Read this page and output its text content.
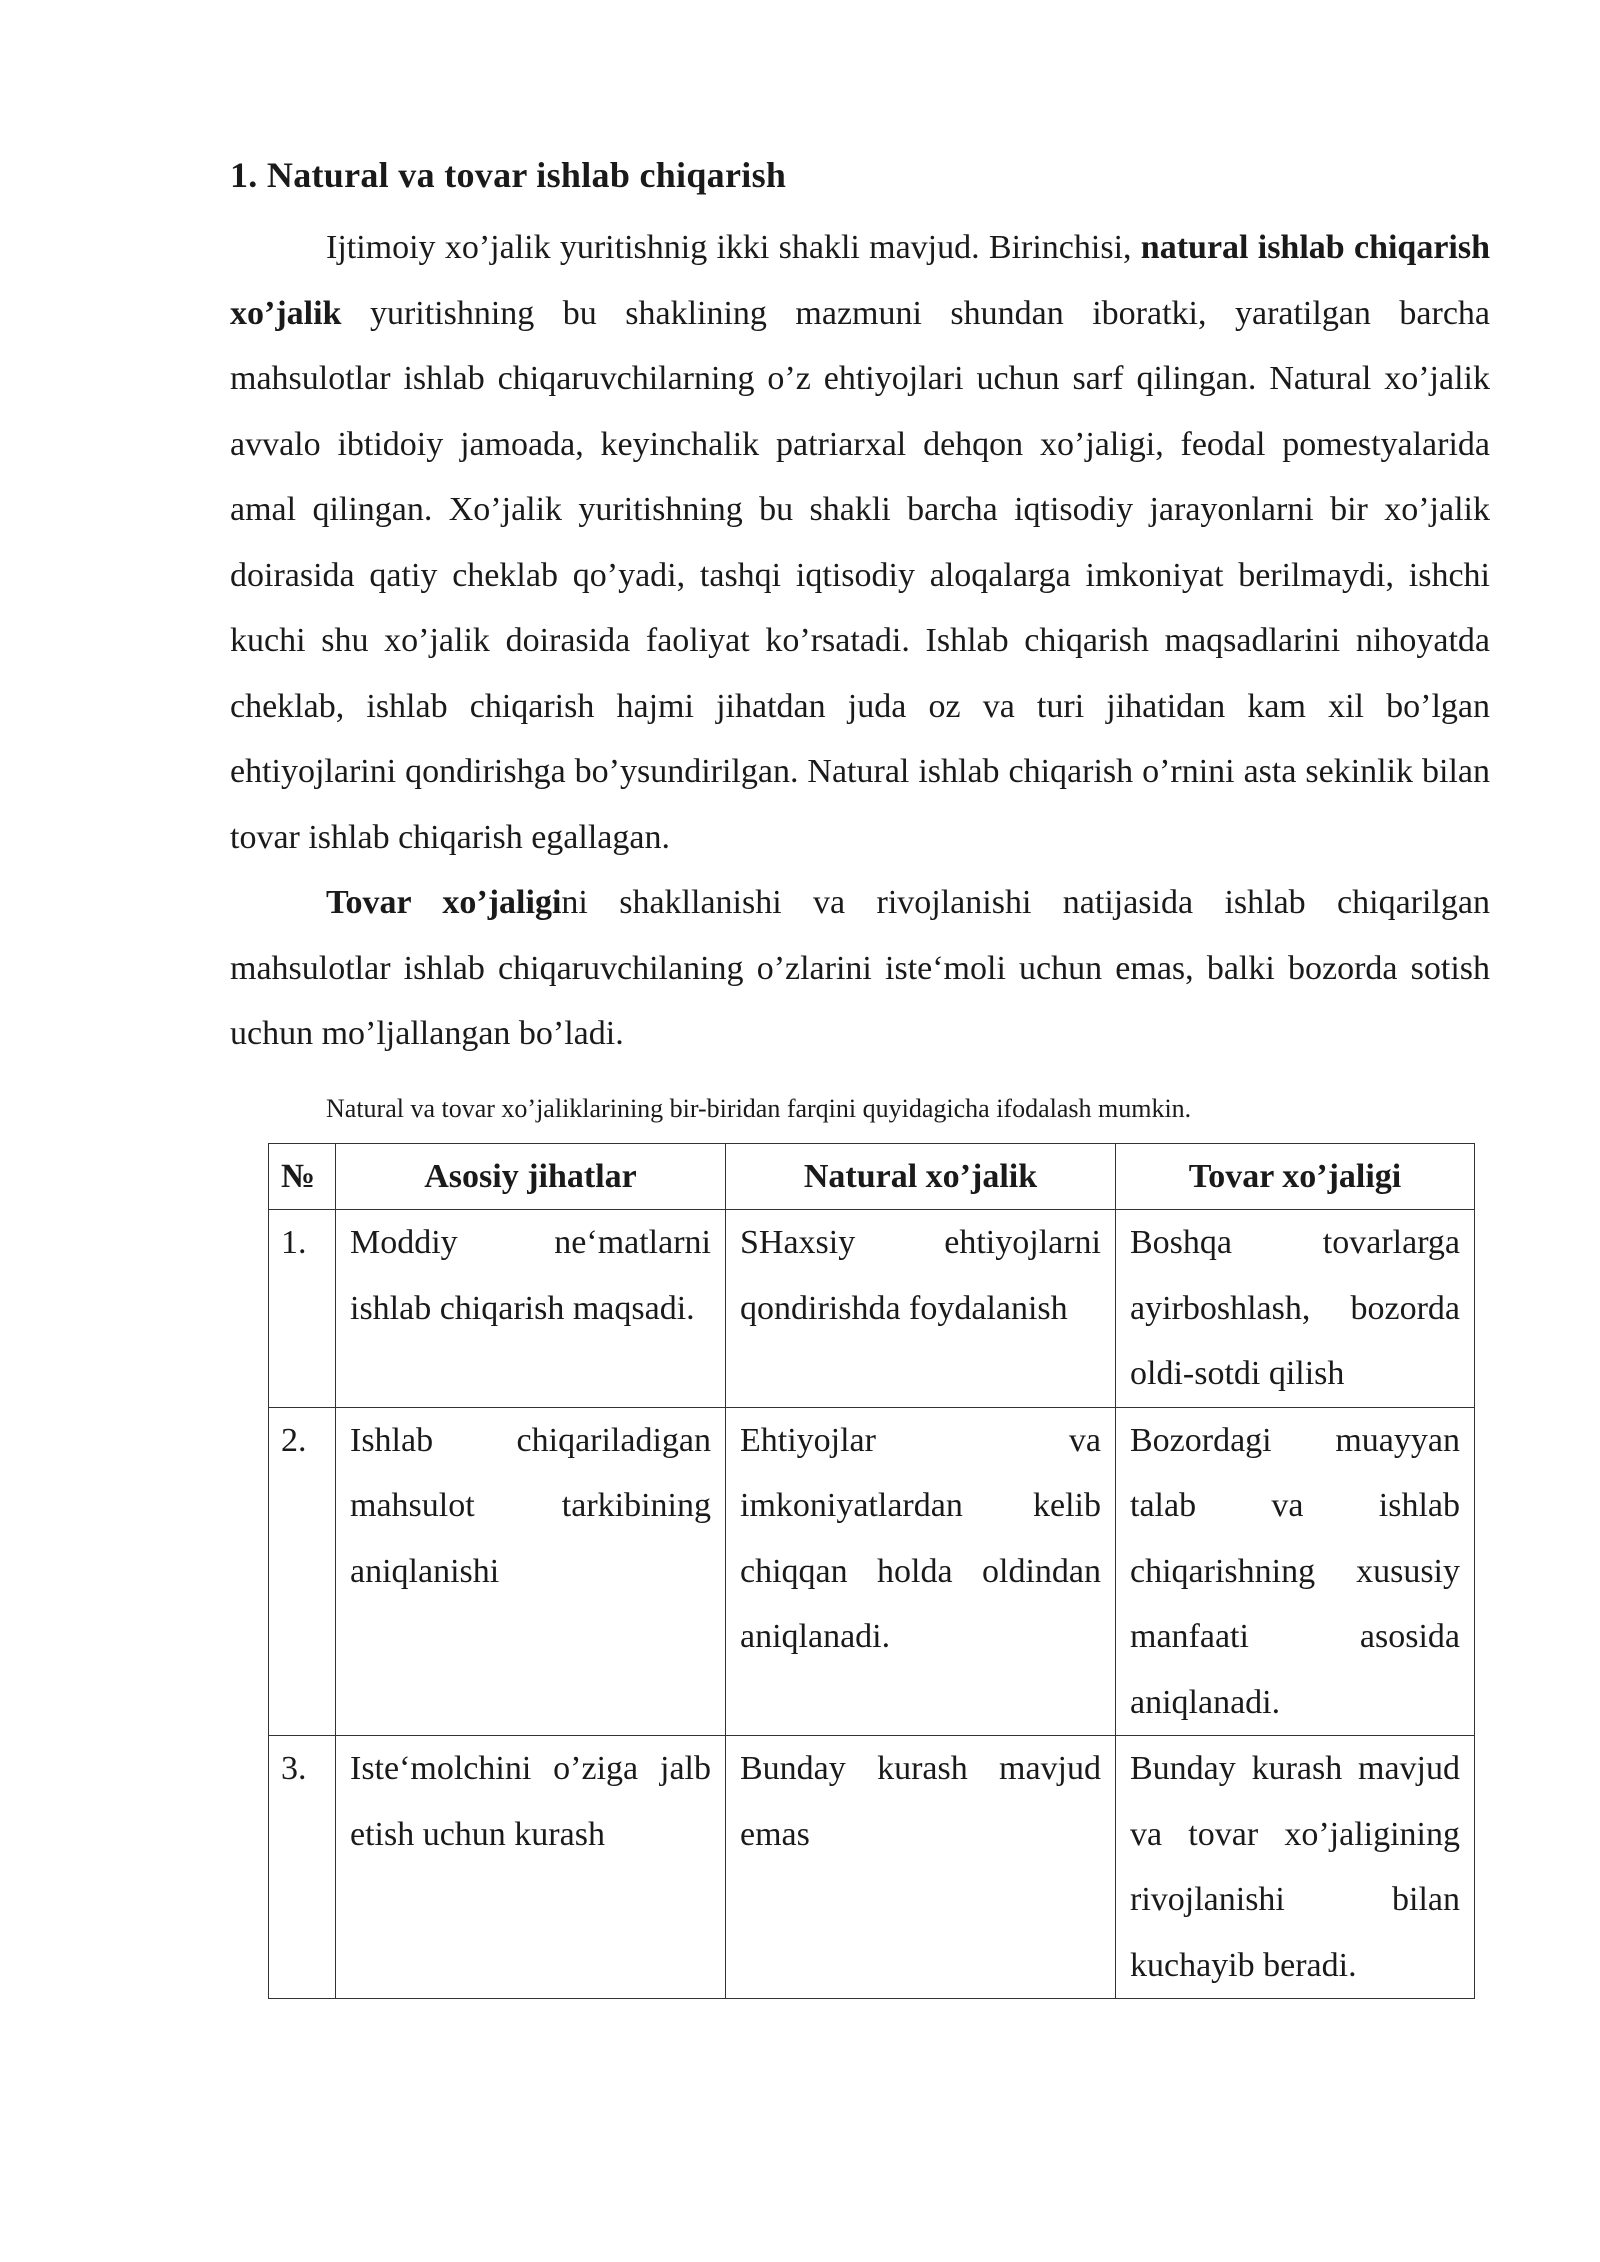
1. Natural va tovar ishlab chiqarish

Ijtimoiy xo’jalik yuritishnig ikki shakli mavjud. Birinchisi, natural ishlab chiqarish xo’jalik yuritishning bu shaklining mazmuni shundan iboratki, yaratilgan barcha mahsulotlar ishlab chiqaruvchilarning o’z ehtiyojlari uchun sarf qilingan. Natural xo’jalik avvalo ibtidoiy jamoada, keyinchalik patriarxal dehqon xo’jaligi, feodal pomestyalarida amal qilingan. Xo’jalik yuritishning bu shakli barcha iqtisodiy jarayonlarni bir xo’jalik doirasida qatiy cheklab qo’yadi, tashqi iqtisodiy aloqalarga imkoniyat berilmaydi, ishchi kuchi shu xo’jalik doirasida faoliyat ko’rsatadi. Ishlab chiqarish maqsadlarini nihoyatda cheklab, ishlab chiqarish hajmi jihatdan juda oz va turi jihatidan kam xil bo’lgan ehtiyojlarini qondirishga bo’ysundirilgan. Natural ishlab chiqarish o’rnini asta sekinlik bilan tovar ishlab chiqarish egallagan.

Tovar xo’jaligini shakllanishi va rivojlanishi natijasida ishlab chiqarilgan mahsulotlar ishlab chiqaruvchilaning o’zlarini iste‘moli uchun emas, balki bozorda sotish uchun mo’ljallangan bo’ladi.

Natural va tovar xo’jaliklarining bir-biridan farqini quyidagicha ifodalash mumkin.
№	Asosiy jihatlar	Natural xo’jalik	Tovar xo’jaligi
1.	Moddiy ne‘matlarni ishlab chiqarish maqsadi.	SHaxsiy ehtiyojlarni qondirishda foydalanish	Boshqa tovarlarga ayirboshlash, bozorda oldi-sotdi qilish
2.	Ishlab chiqariladigan mahsulot tarkibining aniqlanishi	Ehtiyojlar va imkoniyatlardan kelib chiqqan holda oldindan aniqlanadi.	Bozordagi muayyan talab va ishlab chiqarishning xususiy manfaati asosida aniqlanadi.
3.	Iste‘molchini o’ziga jalb etish uchun kurash	Bunday kurash mavjud emas	Bunday kurash mavjud va tovar xo’jaligining rivojlanishi bilan kuchayib beradi.
